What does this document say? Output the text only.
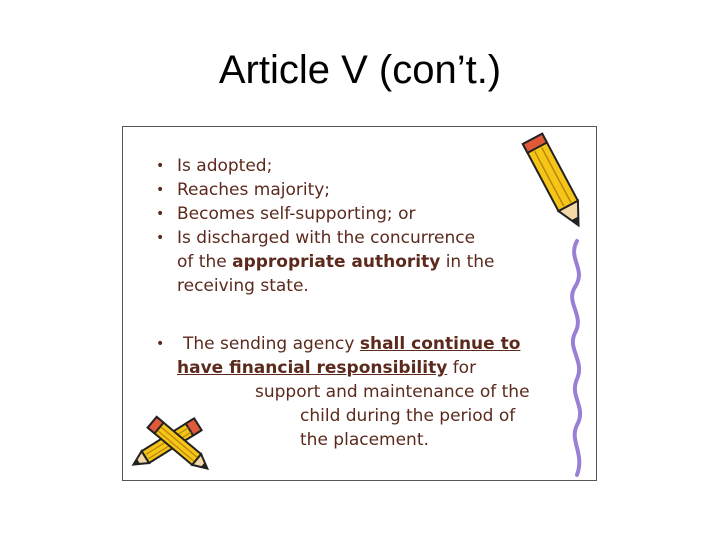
Article V (con’t.)
• Is adopted;
• Reaches majority;
• Becomes self-supporting; or
• Is discharged with the concurrence
of the appropriate authority in the
receiving state.
• The sending agency shall continue to
have financial responsibility for
support and maintenance of the
child during the period of
the placement.
